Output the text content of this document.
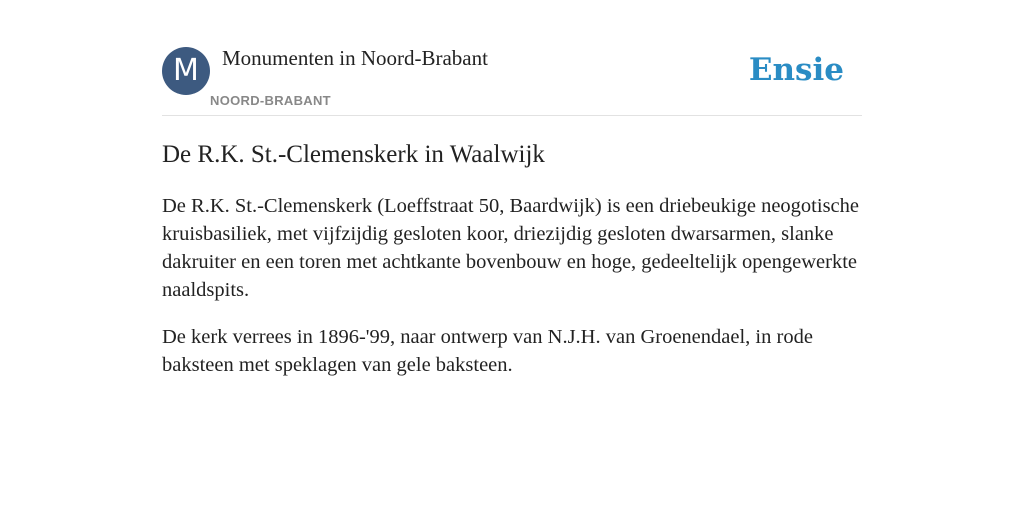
M	Monumenten in Noord-Brabant
NOORD-BRABANT
Ensie
De R.K. St.-Clemenskerk in Waalwijk

De R.K. St.-Clemenskerk (Loeffstraat 50, Baardwijk) is een driebeukige neogotische kruisbasiliek, met vijfzijdig gesloten koor, driezijdig gesloten dwarsarmen, slanke dakruiter en een toren met achtkante bovenbouw en hoge, gedeeltelijk opengewerkte naaldspits.

De kerk verrees in 1896-'99, naar ontwerp van N.J.H. van Groenendael, in rode baksteen met speklagen van gele baksteen.
